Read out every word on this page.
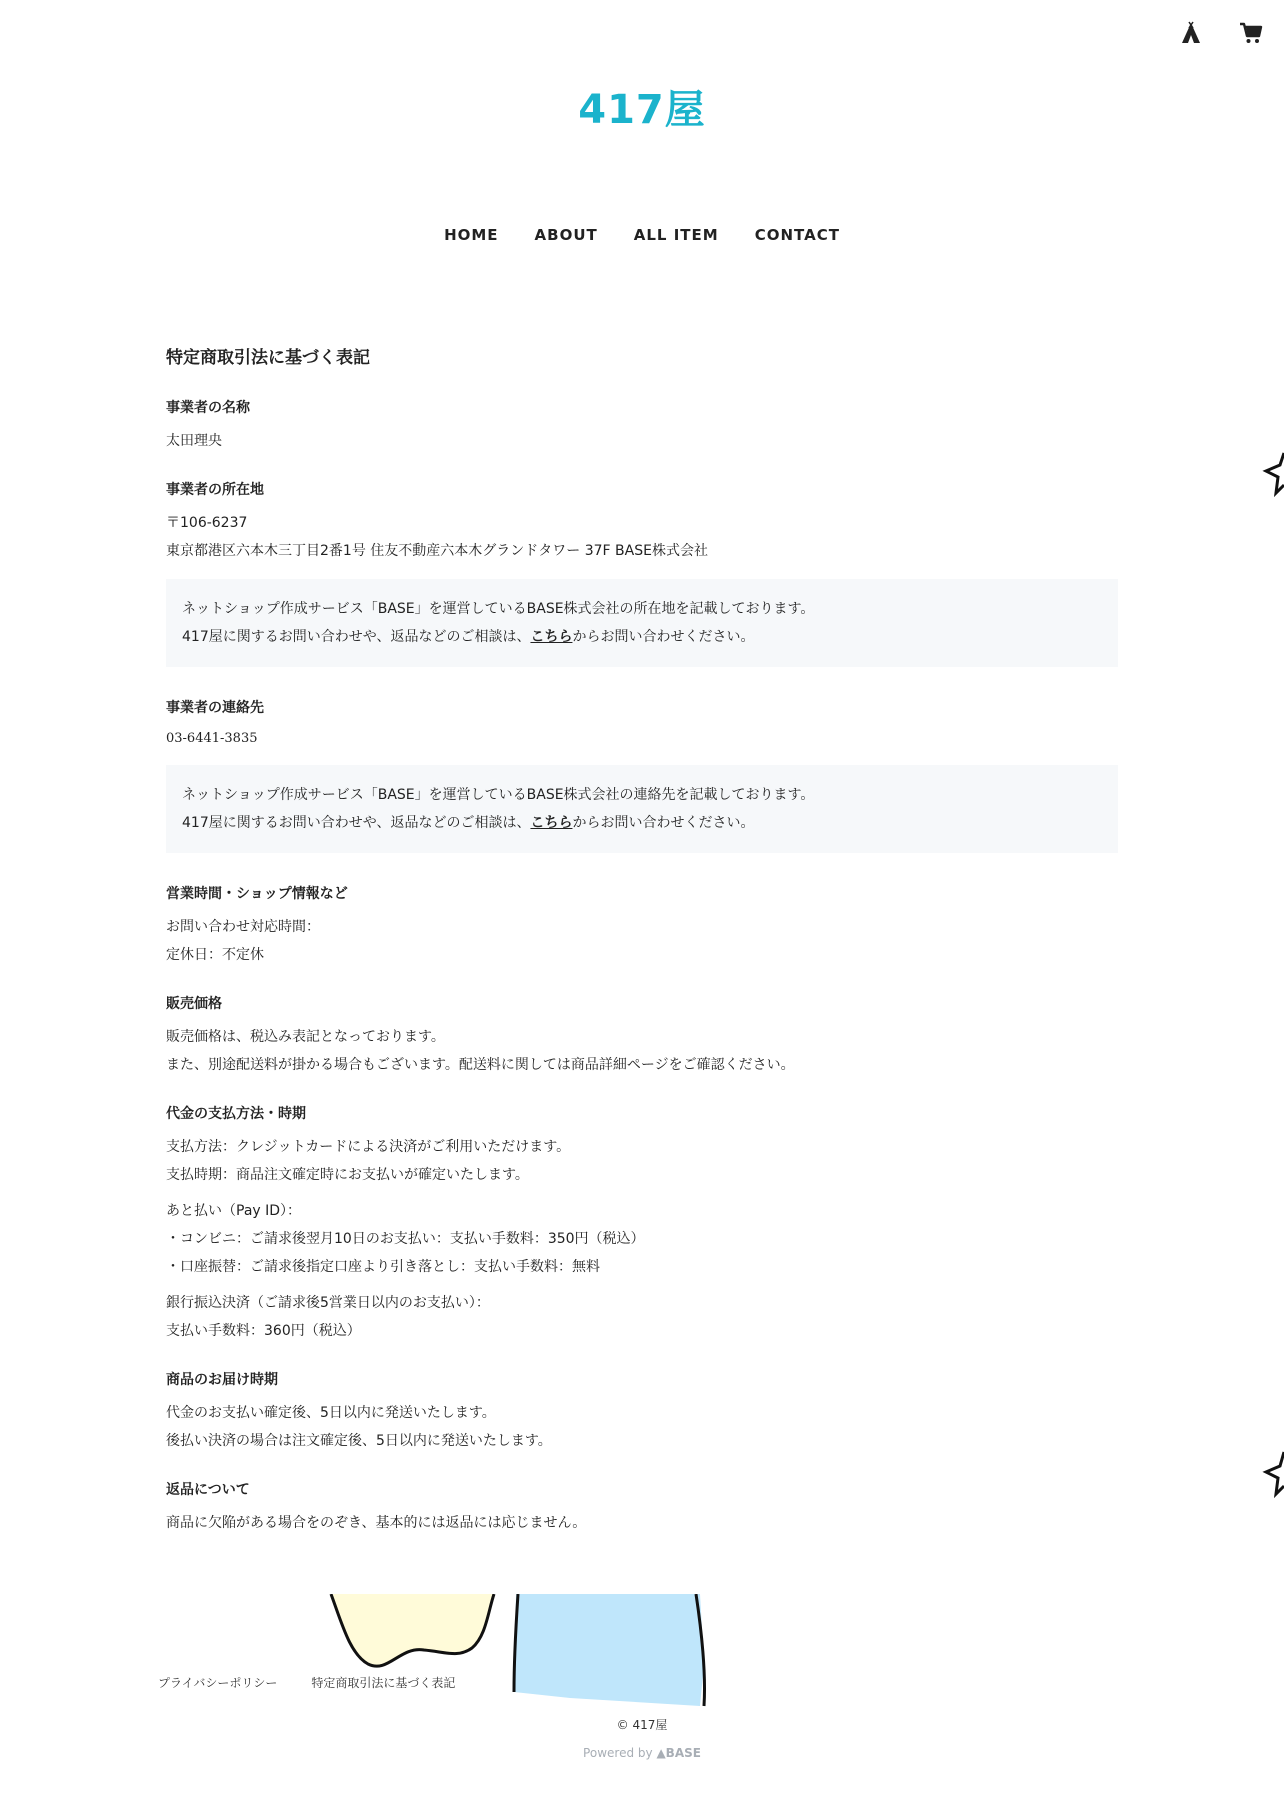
417屋
HOME ABOUT ALL ITEM CONTACT
特定商取引法に基づく表記
事業者の名称
太田理央
事業者の所在地
〒106-6237
東京都港区六本木三丁目2番1号 住友不動産六本木グランドタワー 37F BASE株式会社
ネットショップ作成サービス「BASE」を運営しているBASE株式会社の所在地を記載しております。
417屋に関するお問い合わせや、返品などのご相談は、こちらからお問い合わせください。
事業者の連絡先
03-6441-3835
ネットショップ作成サービス「BASE」を運営しているBASE株式会社の連絡先を記載しております。
417屋に関するお問い合わせや、返品などのご相談は、こちらからお問い合わせください。
営業時間・ショップ情報など
お問い合わせ対応時間：
定休日：不定休
販売価格
販売価格は、税込み表記となっております。
また、別途配送料が掛かる場合もございます。配送料に関しては商品詳細ページをご確認ください。
代金の支払方法・時期
支払方法：クレジットカードによる決済がご利用いただけます。
支払時期：商品注文確定時にお支払いが確定いたします。
あと払い（Pay ID）：
・コンビニ：ご請求後翌月10日のお支払い：支払い手数料：350円（税込）
・口座振替：ご請求後指定口座より引き落とし：支払い手数料：無料
銀行振込決済（ご請求後5営業日以内のお支払い）：
支払い手数料：360円（税込）
商品のお届け時期
代金のお支払い確定後、5日以内に発送いたします。
後払い決済の場合は注文確定後、5日以内に発送いたします。
返品について
商品に欠陥がある場合をのぞき、基本的には返品には応じません。
プライバシーポリシー	特定商取引法に基づく表記
© 417屋
Powered by ▲BASE
